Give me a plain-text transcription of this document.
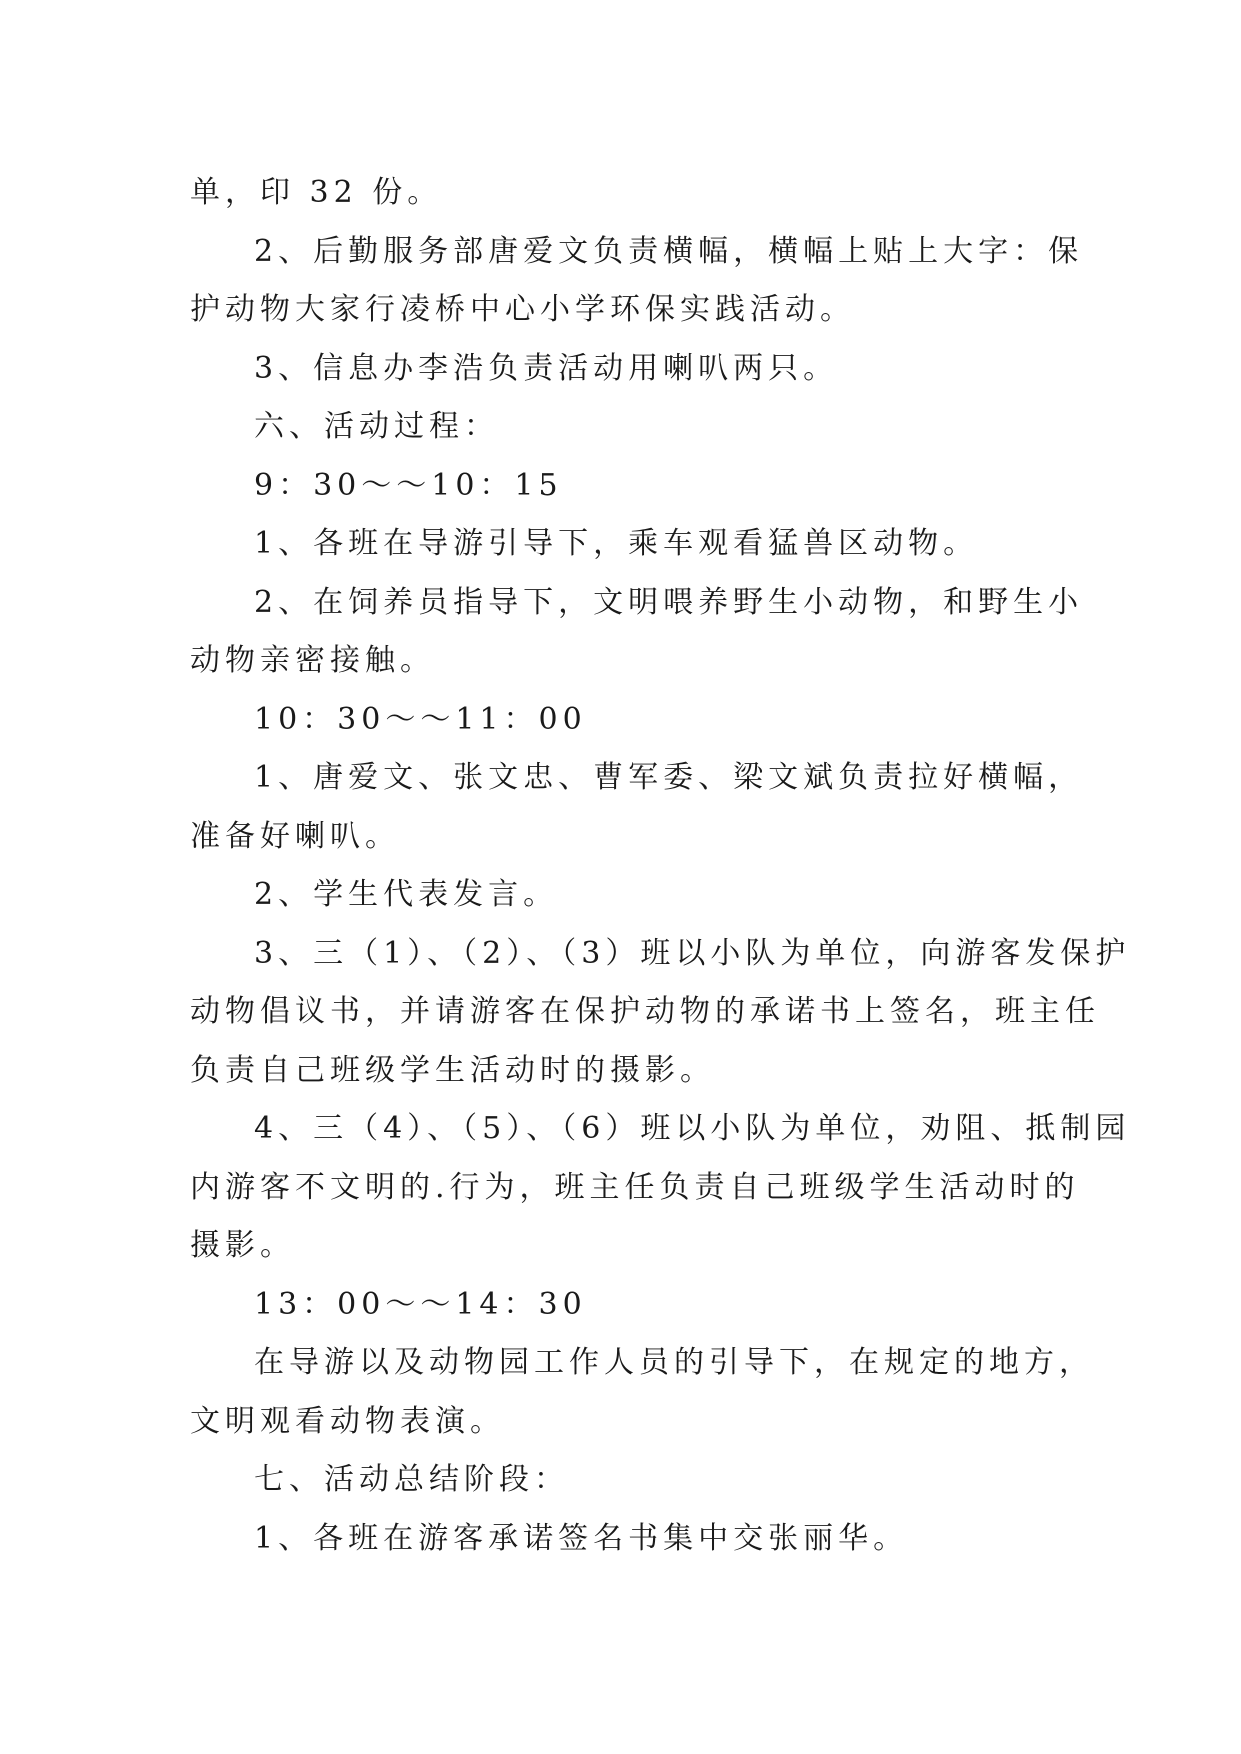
单，印 32 份。
2、后勤服务部唐爱文负责横幅，横幅上贴上大字：保
护动物大家行凌桥中心小学环保实践活动。
3、信息办李浩负责活动用喇叭两只。
六、活动过程：
9：30～～10：15
1、各班在导游引导下，乘车观看猛兽区动物。
2、在饲养员指导下，文明喂养野生小动物，和野生小
动物亲密接触。
10：30～～11：00
1、唐爱文、张文忠、曹军委、梁文斌负责拉好横幅，
准备好喇叭。
2、学生代表发言。
3、三（1）、（2）、（3）班以小队为单位，向游客发保护
动物倡议书，并请游客在保护动物的承诺书上签名，班主任
负责自己班级学生活动时的摄影。
4、三（4）、（5）、（6）班以小队为单位，劝阻、抵制园
内游客不文明的.行为，班主任负责自己班级学生活动时的
摄影。
13：00～～14：30
在导游以及动物园工作人员的引导下，在规定的地方，
文明观看动物表演。
七、活动总结阶段：
1、各班在游客承诺签名书集中交张丽华。
